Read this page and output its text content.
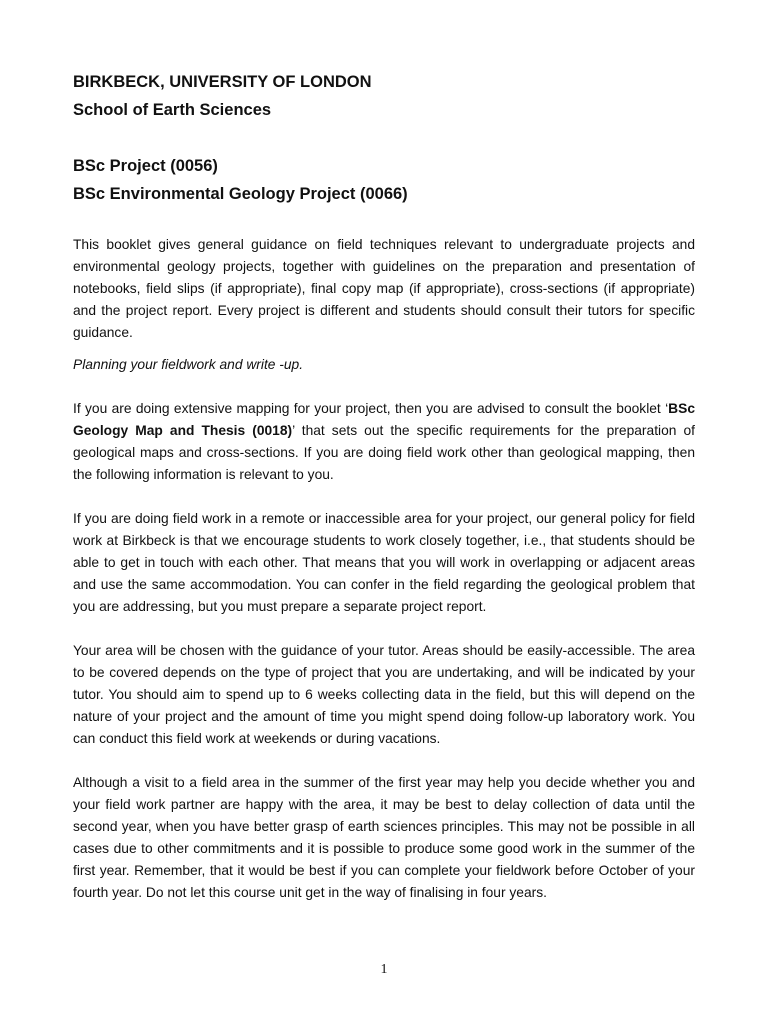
BIRKBECK, UNIVERSITY OF LONDON

School of Earth Sciences

BSc Project (0056)

BSc Environmental Geology Project (0066)

This booklet gives general guidance on field techniques relevant to undergraduate projects and environmental geology projects, together with guidelines on the preparation and presentation of notebooks, field slips (if appropriate), final copy map (if appropriate), cross-sections (if appropriate) and the project report. Every project is different and students should consult their tutors for specific guidance.

Planning your fieldwork and write -up.

If you are doing extensive mapping for your project, then you are advised to consult the booklet ‘BSc Geology Map and Thesis (0018)’ that sets out the specific requirements for the preparation of geological maps and cross-sections. If you are doing field work other than geological mapping, then the following information is relevant to you.

If you are doing field work in a remote or inaccessible area for your project, our general policy for field work at Birkbeck is that we encourage students to work closely together, i.e., that students should be able to get in touch with each other. That means that you will work in overlapping or adjacent areas and use the same accommodation. You can confer in the field regarding the geological problem that you are addressing, but you must prepare a separate project report.

Your area will be chosen with the guidance of your tutor. Areas should be easily-accessible. The area to be covered depends on the type of project that you are undertaking, and will be indicated by your tutor. You should aim to spend up to 6 weeks collecting data in the field, but this will depend on the nature of your project and the amount of time you might spend doing follow-up laboratory work. You can conduct this field work at weekends or during vacations.

Although a visit to a field area in the summer of the first year may help you decide whether you and your field work partner are happy with the area, it may be best to delay collection of data until the second year, when you have better grasp of earth sciences principles. This may not be possible in all cases due to other commitments and it is possible to produce some good work in the summer of the first year. Remember, that it would be best if you can complete your fieldwork before October of your fourth year. Do not let this course unit get in the way of finalising in four years.

1
